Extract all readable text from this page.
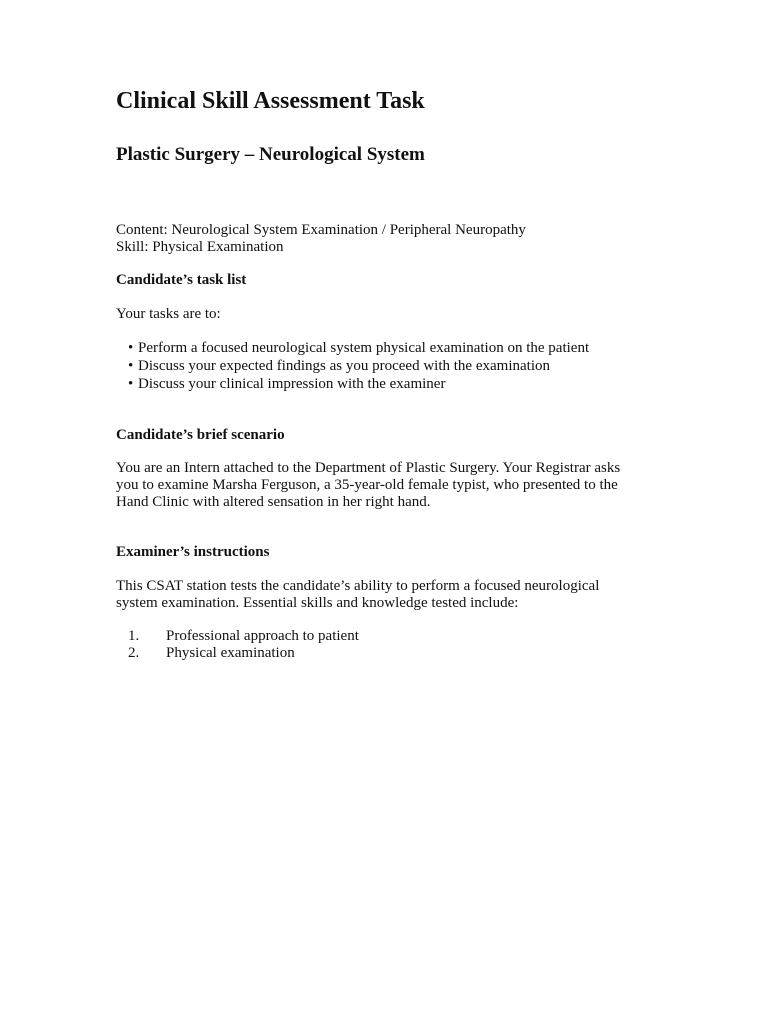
Clinical Skill Assessment Task
Plastic Surgery – Neurological System

Content: Neurological System Examination / Peripheral Neuropathy

Skill: Physical Examination

Candidate’s task list

Your tasks are to:

• Perform a focused neurological system physical examination on the patient
• Discuss your expected findings as you proceed with the examination
• Discuss your clinical impression with the examiner

Candidate’s brief scenario

You are an Intern attached to the Department of Plastic Surgery. Your Registrar asks

you to examine Marsha Ferguson, a 35-year-old female typist, who presented to the

Hand Clinic with altered sensation in her right hand.

Examiner’s instructions

This CSAT station tests the candidate’s ability to perform a focused neurological

system examination. Essential skills and knowledge tested include:

1. Professional approach to patient
2. Physical examination
